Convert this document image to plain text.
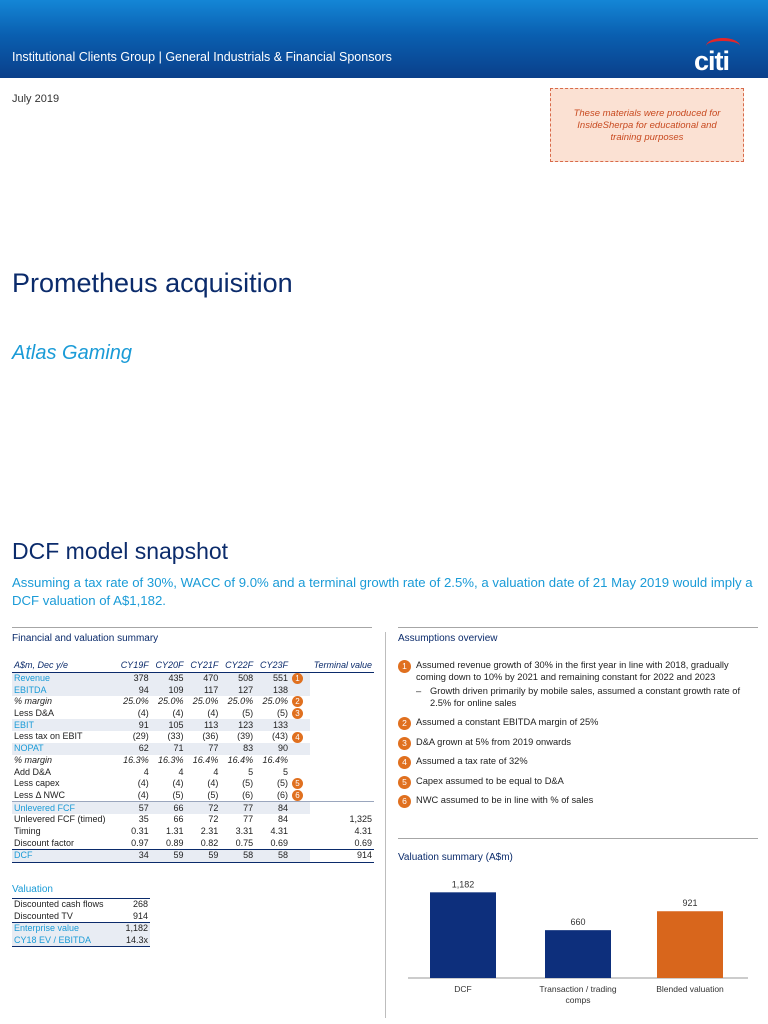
Institutional Clients Group | General Industrials & Financial Sponsors	citi
July 2019
These materials were produced for InsideSherpa for educational and training purposes
Prometheus acquisition
Atlas Gaming
DCF model snapshot
Assuming a tax rate of 30%, WACC of 9.0% and a terminal growth rate of 2.5%, a valuation date of 21 May 2019 would imply a DCF valuation of A$1,182.
Financial and valuation summary	Assumptions overview
A$m, Dec y/e	CY19F	CY20F	CY21F	CY22F	CY23F		Terminal value
Revenue	378	435	470	508	551	1	
EBITDA	94	109	117	127	138		
% margin	25.0%	25.0%	25.0%	25.0%	25.0%	2	
Less D&A	(4)	(4)	(4)	(5)	(5)	3	
EBIT	91	105	113	123	133		
Less tax on EBIT	(29)	(33)	(36)	(39)	(43)	4	
NOPAT	62	71	77	83	90		
% margin	16.3%	16.3%	16.4%	16.4%	16.4%		
Add D&A	4	4	4	5	5		
Less capex	(4)	(4)	(4)	(5)	(5)	5	
Less Δ NWC	(4)	(5)	(5)	(6)	(6)	6	
Unlevered FCF	57	66	72	77	84		
Unlevered FCF (timed)	35	66	72	77	84		1,325
Timing	0.31	1.31	2.31	3.31	4.31		4.31
Discount factor	0.97	0.89	0.82	0.75	0.69		0.69
DCF	34	59	59	58	58		914
Valuation
Discounted cash flows	268
Discounted TV	914
Enterprise value	1,182
CY18 EV / EBITDA	14.3x
1 Assumed revenue growth of 30% in the first year in line with 2018, gradually coming down to 10% by 2021 and remaining constant for 2022 and 2023
– Growth driven primarily by mobile sales, assumed a constant growth rate of 2.5% for online sales
2 Assumed a constant EBITDA margin of 25%
3 D&A grown at 5% from 2019 onwards
4 Assumed a tax rate of 32%
5 Capex assumed to be equal to D&A
6 NWC assumed to be in line with % of sales
Valuation summary (A$m)
1,182
DCF
660
Transaction / trading comps
921
Blended valuation
